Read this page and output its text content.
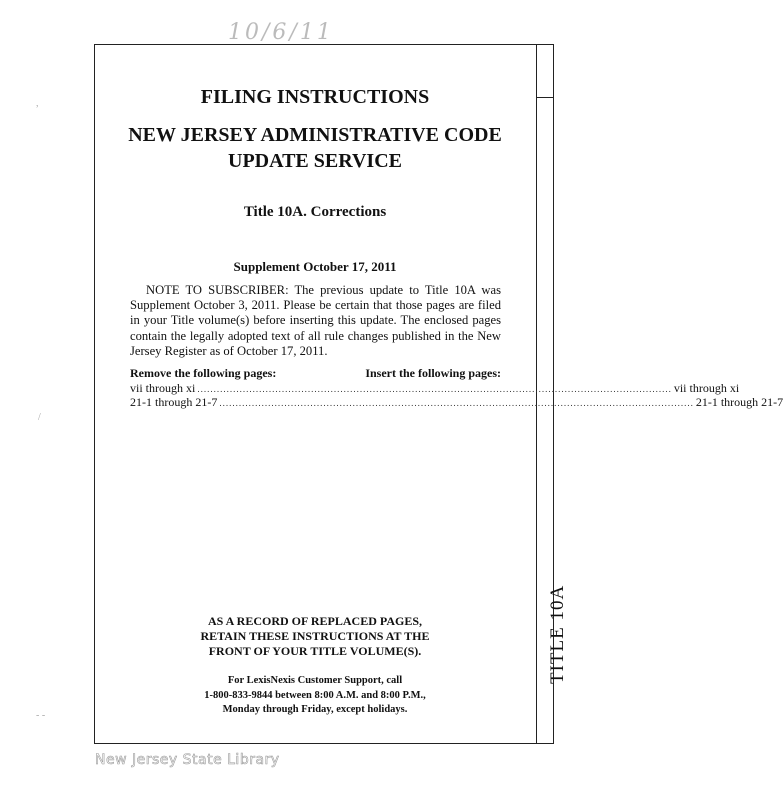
10/6/11
TITLE 10A
FILING INSTRUCTIONS
NEW JERSEY ADMINISTRATIVE CODE
UPDATE SERVICE
Title 10A. Corrections
Supplement October 17, 2011
NOTE TO SUBSCRIBER: The previous update to Title 10A was Supplement October 3, 2011. Please be certain that those pages are filed in your Title volume(s) before inserting this update. The enclosed pages contain the legally adopted text of all rule changes published in the New Jersey Register as of October 17, 2011.
Remove the following pages:	Insert the following pages:
vii through xi .................................................................................................................................................. vii through xi
21-1 through 21-7 .................................................................................................................................................. 21-1 through 21-7
AS A RECORD OF REPLACED PAGES,
RETAIN THESE INSTRUCTIONS AT THE
FRONT OF YOUR TITLE VOLUME(S).
For LexisNexis Customer Support, call
1-800-833-9844 between 8:00 A.M. and 8:00 P.M.,
Monday through Friday, except holidays.
New Jersey State Library
,
/
- -
